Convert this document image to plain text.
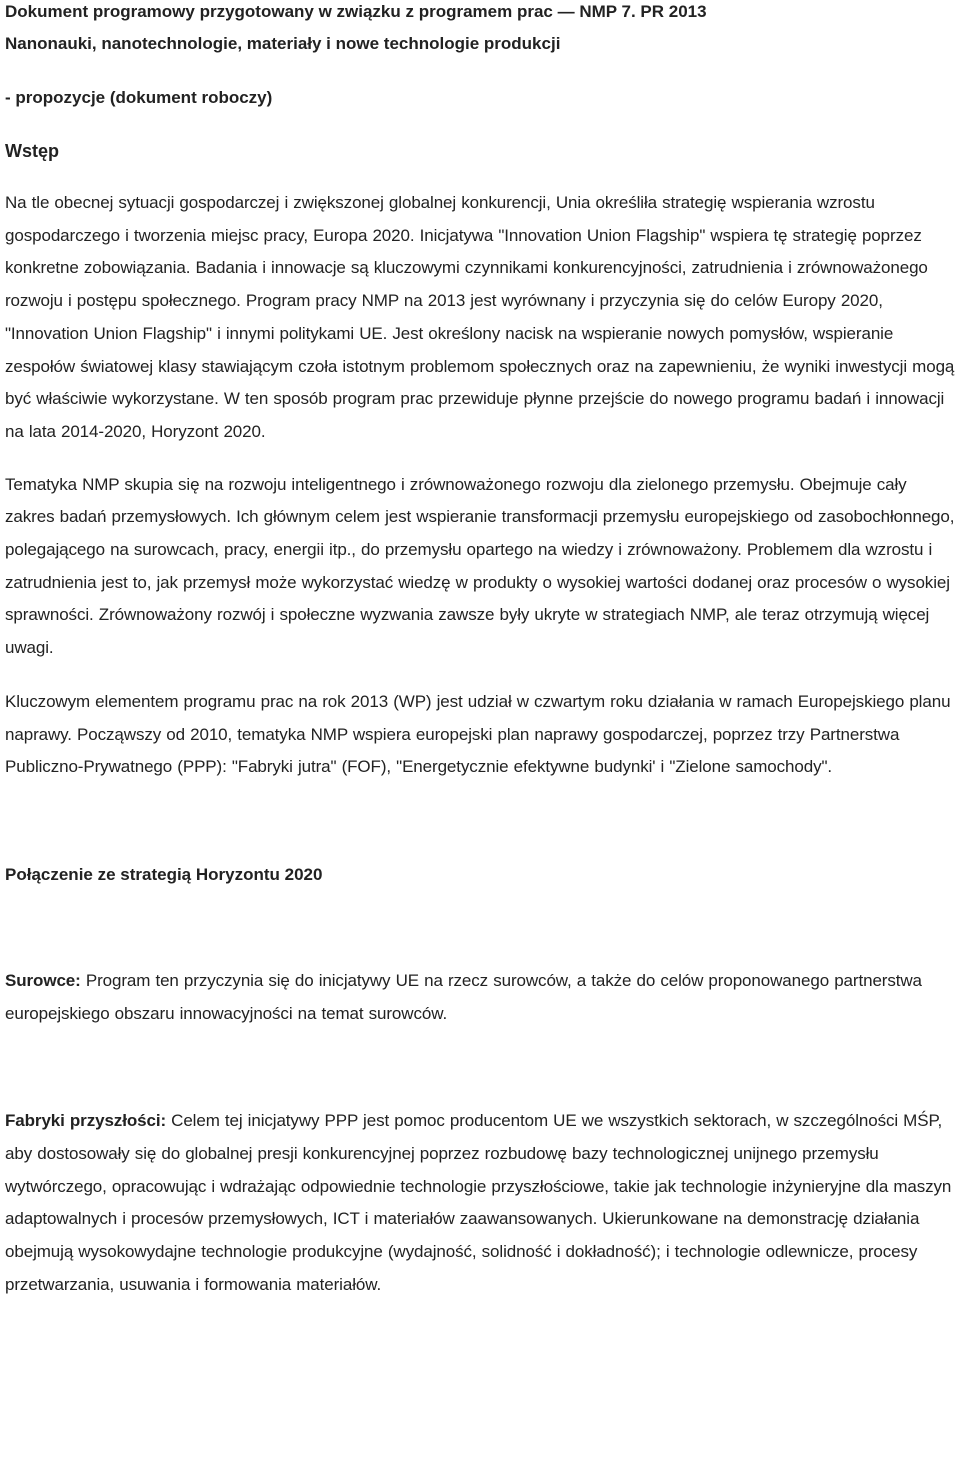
Dokument programowy przygotowany w związku z programem prac — NMP 7. PR 2013

Nanonauki, nanotechnologie, materiały i nowe technologie produkcji

- propozycje (dokument roboczy)

Wstęp

Na tle obecnej sytuacji gospodarczej i zwiększonej globalnej konkurencji, Unia określiła strategię wspierania wzrostu gospodarczego i tworzenia miejsc pracy, Europa 2020. Inicjatywa "Innovation Union Flagship" wspiera tę strategię poprzez konkretne zobowiązania. Badania i innowacje są kluczowymi czynnikami konkurencyjności, zatrudnienia i zrównoważonego rozwoju i postępu społecznego. Program pracy NMP na 2013 jest wyrównany i przyczynia się do celów Europy 2020, "Innovation Union Flagship" i innymi politykami UE. Jest określony nacisk na wspieranie nowych pomysłów, wspieranie zespołów światowej klasy stawiającym czoła istotnym problemom społecznych oraz na zapewnieniu, że wyniki inwestycji mogą być właściwie wykorzystane. W ten sposób program prac przewiduje płynne przejście do nowego programu badań i innowacji na lata 2014-2020, Horyzont 2020.

Tematyka NMP skupia się na rozwoju inteligentnego i zrównoważonego rozwoju dla zielonego przemysłu. Obejmuje cały zakres badań przemysłowych. Ich głównym celem jest wspieranie transformacji przemysłu europejskiego od zasobochłonnego, polegającego na surowcach, pracy, energii itp., do przemysłu opartego na wiedzy i zrównoważony. Problemem dla wzrostu i zatrudnienia jest to, jak przemysł może wykorzystać wiedzę w produkty o wysokiej wartości dodanej oraz procesów o wysokiej sprawności. Zrównoważony rozwój i społeczne wyzwania zawsze były ukryte w strategiach NMP, ale teraz otrzymują więcej uwagi.

Kluczowym elementem programu prac na rok 2013 (WP) jest udział w czwartym roku działania w ramach Europejskiego planu naprawy. Począwszy od 2010, tematyka NMP wspiera europejski plan naprawy gospodarczej, poprzez trzy Partnerstwa Publiczno-Prywatnego (PPP): "Fabryki jutra" (FOF), "Energetycznie efektywne budynki' i "Zielone samochody".

Połączenie ze strategią Horyzontu 2020

Surowce: Program ten przyczynia się do inicjatywy UE na rzecz surowców, a także do celów proponowanego partnerstwa europejskiego obszaru innowacyjności na temat surowców.

Fabryki przyszłości: Celem tej inicjatywy PPP jest pomoc producentom UE we wszystkich sektorach, w szczególności MŚP, aby dostosowały się do globalnej presji konkurencyjnej poprzez rozbudowę bazy technologicznej unijnego przemysłu wytwórczego, opracowując i wdrażając odpowiednie technologie przyszłościowe, takie jak technologie inżynieryjne dla maszyn adaptowalnych i procesów przemysłowych, ICT i materiałów zaawansowanych. Ukierunkowane na demonstrację działania obejmują wysokowydajne technologie produkcyjne (wydajność, solidność i dokładność); i technologie odlewnicze, procesy przetwarzania, usuwania i formowania materiałów.
